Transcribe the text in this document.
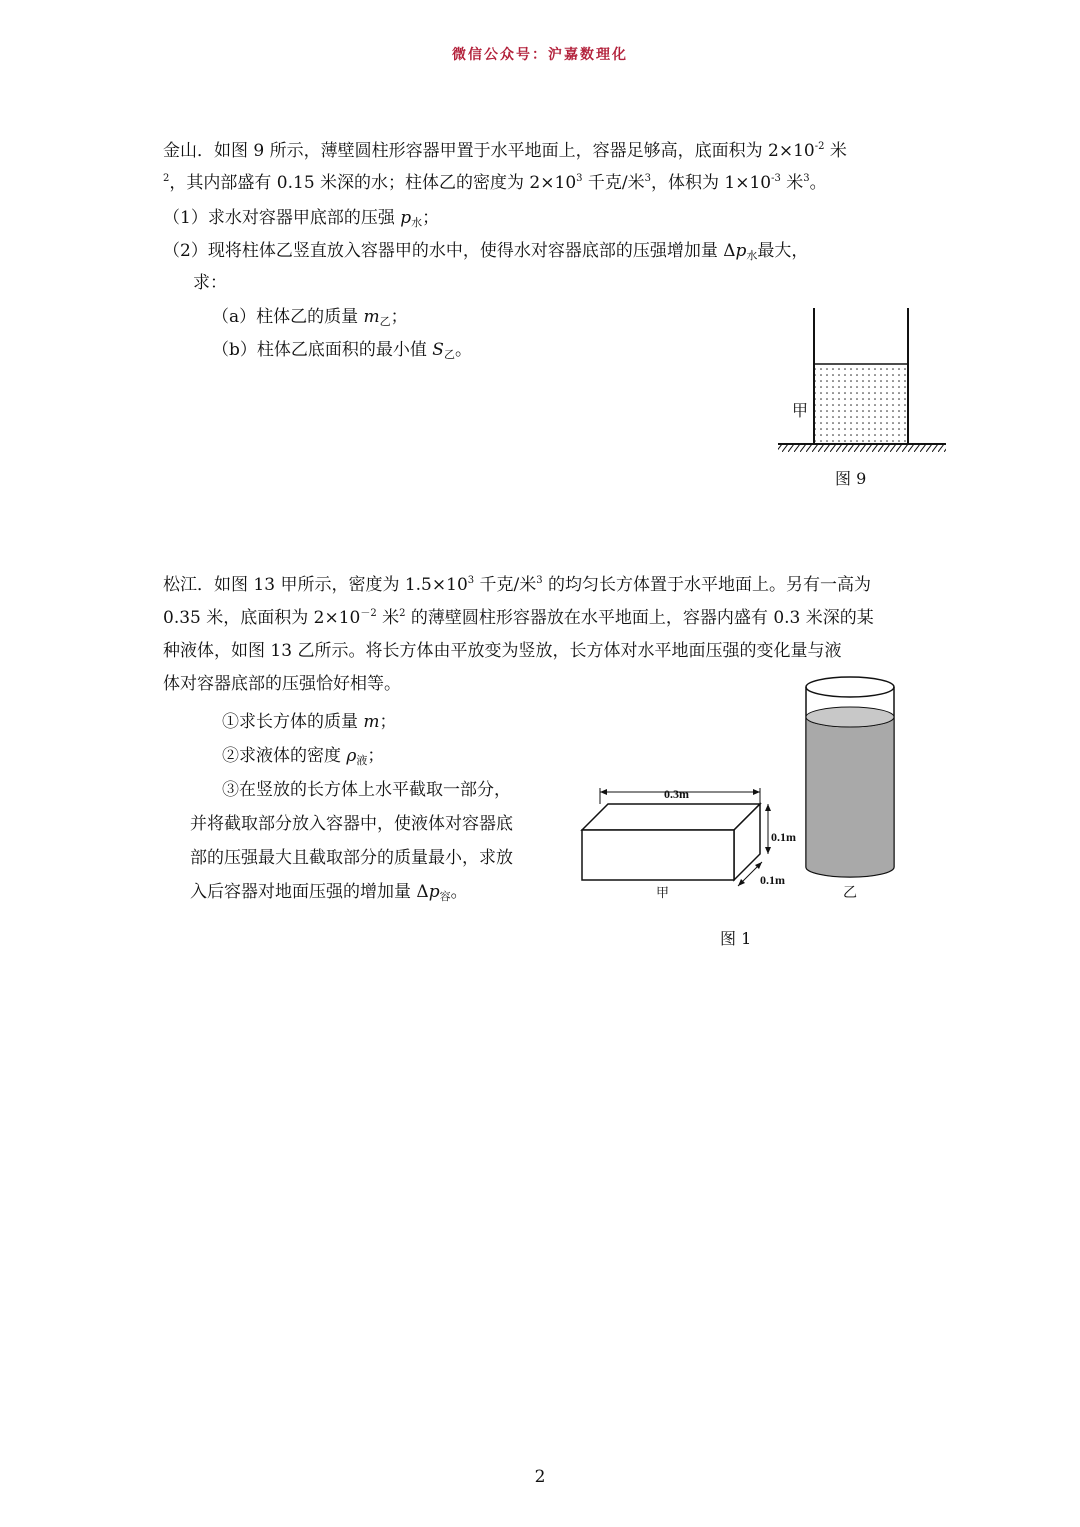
微信公众号：沪嘉数理化
金山．如图 9 所示，薄壁圆柱形容器甲置于水平地面上，容器足够高，底面积为 $2\times 10^{-2}$ 米
$^2$，其内部盛有 0.15 米深的水；柱体乙的密度为 $2\times 10^3$ 千克/米$^3$，体积为 $1\times 10^{-3}$ 米$^3$。
（1）求水对容器甲底部的压强 $p_水$；
（2）现将柱体乙竖直放入容器甲的水中，使得水对容器底部的压强增加量 $\Delta p_水$最大，
求：
（a）柱体乙的质量 $m_乙$；
（b）柱体乙底面积的最小值 $S_乙$。
甲
图 9
松江．如图 13 甲所示，密度为 $1.5\times 10^3$ 千克/米$^3$ 的均匀长方体置于水平地面上。另有一高为
0.35 米，底面积为 $2\times 10^{-2}$ 米$^2$ 的薄壁圆柱形容器放在水平地面上，容器内盛有 0.3 米深的某
种液体，如图 13 乙所示。将长方体由平放变为竖放，长方体对水平地面压强的变化量与液
体对容器底部的压强恰好相等。
①求长方体的质量 m；
②求液体的密度 $\rho_液$；
③在竖放的长方体上水平截取一部分，
并将截取部分放入容器中，使液体对容器底
部的压强最大且截取部分的质量最小，求放
入后容器对地面压强的增加量 $\Delta p_容$。
0.3m
0.1m
0.1m
甲	乙
图 1
2
